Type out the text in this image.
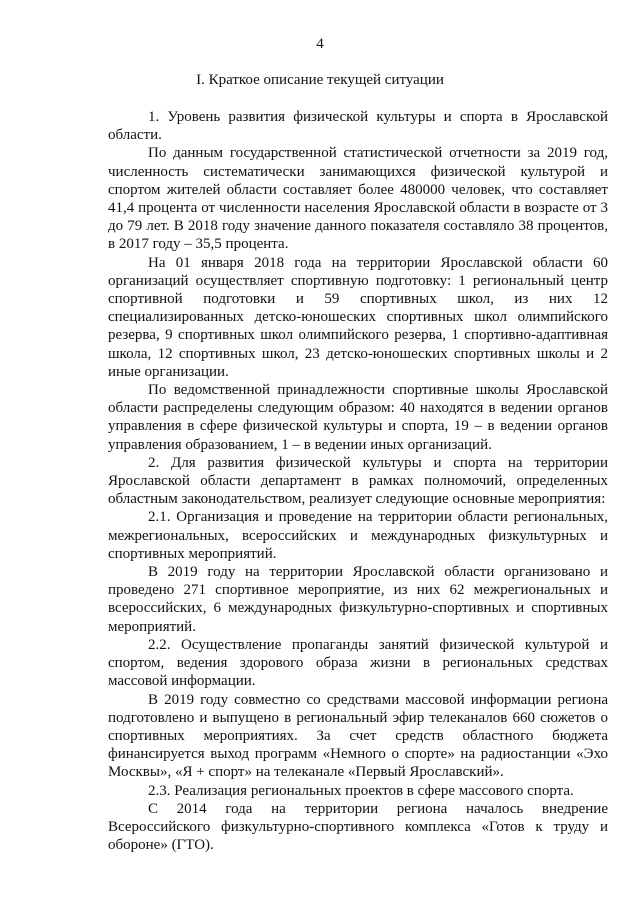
4
I. Краткое описание текущей ситуации

1. Уровень развития физической культуры и спорта в Ярославской области.

По данным государственной статистической отчетности за 2019 год, численность систематически занимающихся физической культурой и спортом жителей области составляет более 480000 человек, что составляет 41,4 процента от численности населения Ярославской области в возрасте от 3 до 79 лет. В 2018 году значение данного показателя составляло 38 процентов, в 2017 году – 35,5 процента.

На 01 января 2018 года на территории Ярославской области 60 организаций осуществляет спортивную подготовку: 1 региональный центр спортивной подготовки и 59 спортивных школ, из них 12 специализированных детско-юношеских спортивных школ олимпийского резерва, 9 спортивных школ олимпийского резерва, 1 спортивно-адаптивная школа, 12 спортивных школ, 23 детско-юношеских спортивных школы и 2 иные организации.

По ведомственной принадлежности спортивные школы Ярославской области распределены следующим образом: 40 находятся в ведении органов управления в сфере физической культуры и спорта, 19 – в ведении органов управления образованием, 1 – в ведении иных организаций.

2. Для развития физической культуры и спорта на территории Ярославской области департамент в рамках полномочий, определенных областным законодательством, реализует следующие основные мероприятия:

2.1. Организация и проведение на территории области региональных, межрегиональных, всероссийских и международных физкультурных и спортивных мероприятий.

В 2019 году на территории Ярославской области организовано и проведено 271 спортивное мероприятие, из них 62 межрегиональных и всероссийских, 6 международных физкультурно-спортивных и спортивных мероприятий.

2.2. Осуществление пропаганды занятий физической культурой и спортом, ведения здорового образа жизни в региональных средствах массовой информации.

В 2019 году совместно со средствами массовой информации региона подготовлено и выпущено в региональный эфир телеканалов 660 сюжетов о спортивных мероприятиях. За счет средств областного бюджета финансируется выход программ «Немного о спорте» на радиостанции «Эхо Москвы», «Я + спорт» на телеканале «Первый Ярославский».

2.3. Реализация региональных проектов в сфере массового спорта.

С 2014 года на территории региона началось внедрение Всероссийского физкультурно-спортивного комплекса «Готов к труду и обороне» (ГТО).
